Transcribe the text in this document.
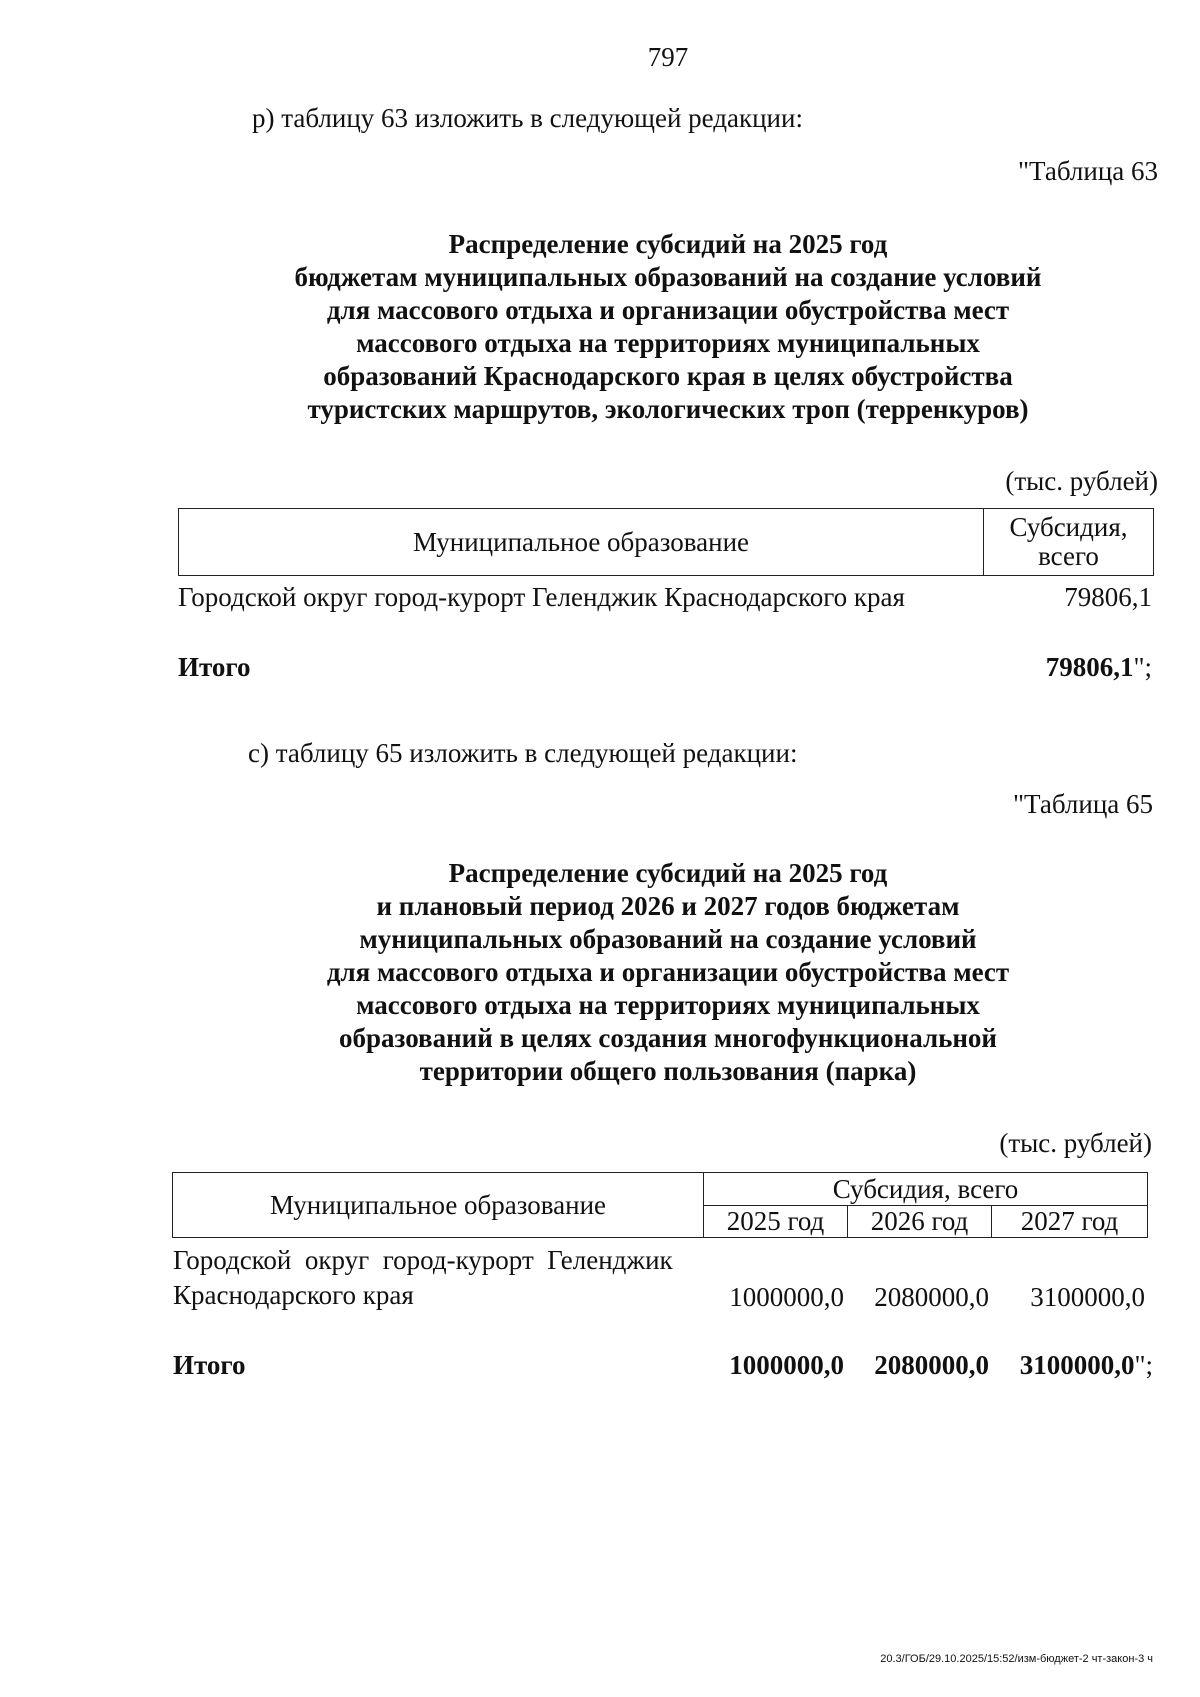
797
р) таблицу 63 изложить в следующей редакции:
"Таблица 63
Распределение субсидий на 2025 год
бюджетам муниципальных образований на создание условий
для массового отдыха и организации обустройства мест
массового отдыха на территориях муниципальных
образований Краснодарского края в целях обустройства
туристских маршрутов, экологических троп (терренкуров)
(тыс. рублей)
Муниципальное образование	Субсидия,
всего
Городской округ город-курорт Геленджик Краснодарского края	79806,1
Итого	79806,1";
с) таблицу 65 изложить в следующей редакции:
"Таблица 65
Распределение субсидий на 2025 год
и плановый период 2026 и 2027 годов бюджетам
муниципальных образований на создание условий
для массового отдыха и организации обустройства мест
массового отдыха на территориях муниципальных
образований в целях создания многофункциональной
территории общего пользования (парка)
(тыс. рублей)
Муниципальное образование
Субсидия, всего
2025 год 2026 год 2027 год
Городской  округ  город-курорт  Геленджик
Краснодарского края	1000000,0 2080000,0 3100000,0
Итого	1000000,0 2080000,0 3100000,0";
20.3/ГОБ/29.10.2025/15:52/изм-бюджет-2 чт-закон-3 ч
